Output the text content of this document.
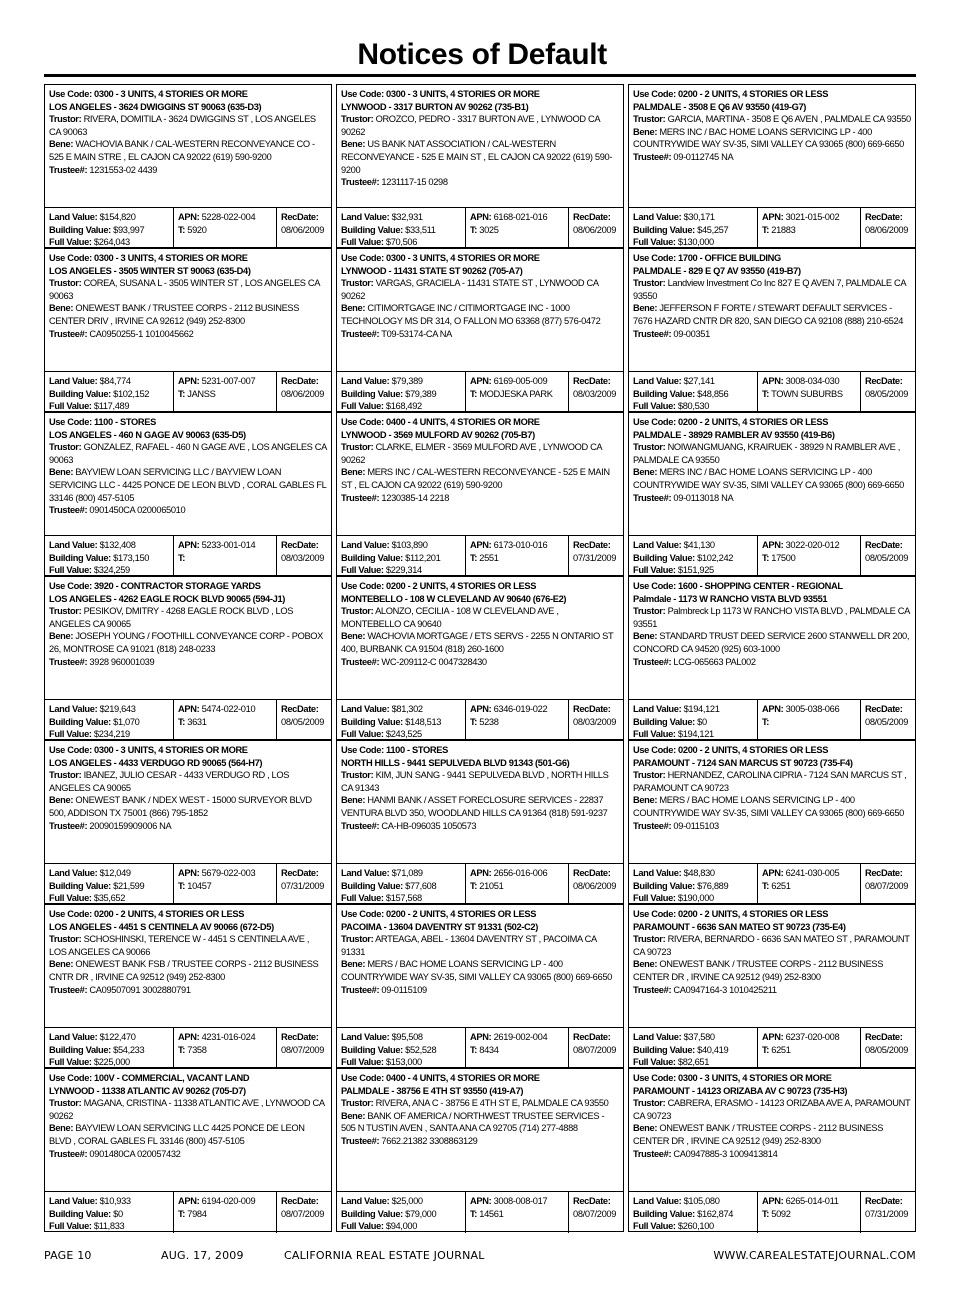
Notices of Default
Use Code: 0300 - 3 UNITS, 4 STORIES OR MORE
LOS ANGELES - 3624 DWIGGINS ST 90063 (635-D3)
Trustor: RIVERA, DOMITILA - 3624 DWIGGINS ST , LOS ANGELES CA 90063
Bene: WACHOVIA BANK / CAL-WESTERN RECONVEYANCE CO - 525 E MAIN STRE , EL CAJON CA 92022 (619) 590-9200
Trustee#: 1231553-02 4439
Land Value: $154,820
Building Value: $93,997
Full Value: $264,043
APN: 5228-022-004
T: 5920
RecDate:
08/06/2009
Use Code: 0300 - 3 UNITS, 4 STORIES OR MORE
LYNWOOD - 3317 BURTON AV 90262 (735-B1)
Trustor: OROZCO, PEDRO - 3317 BURTON AVE , LYNWOOD CA 90262
Bene: US BANK NAT ASSOCIATION / CAL-WESTERN RECONVEYANCE - 525 E MAIN ST , EL CAJON CA 92022 (619) 590-9200
Trustee#: 1231117-15 0298
Land Value: $32,931
Building Value: $33,511
Full Value: $70,506
APN: 6168-021-016
T: 3025
RecDate:
08/06/2009
Use Code: 0200 - 2 UNITS, 4 STORIES OR LESS
PALMDALE - 3508 E Q6 AV 93550 (419-G7)
Trustor: GARCIA, MARTINA - 3508 E Q6 AVEN , PALMDALE CA 93550
Bene: MERS INC / BAC HOME LOANS SERVICING LP - 400 COUNTRYWIDE WAY SV-35, SIMI VALLEY CA 93065 (800) 669-6650
Trustee#: 09-0112745 NA
Land Value: $30,171
Building Value: $45,257
Full Value: $130,000
APN: 3021-015-002
T: 21883
RecDate:
08/06/2009
Use Code: 0300 - 3 UNITS, 4 STORIES OR MORE
LOS ANGELES - 3505 WINTER ST 90063 (635-D4)
Trustor: COREA, SUSANA L - 3505 WINTER ST , LOS ANGELES CA 90063
Bene: ONEWEST BANK / TRUSTEE CORPS - 2112 BUSINESS CENTER DRIV , IRVINE CA 92612 (949) 252-8300
Trustee#: CA0950255-1 1010045662
Land Value: $84,774
Building Value: $102,152
Full Value: $117,489
APN: 5231-007-007
T: JANSS
RecDate:
08/06/2009
Use Code: 0300 - 3 UNITS, 4 STORIES OR MORE
LYNWOOD - 11431 STATE ST 90262 (705-A7)
Trustor: VARGAS, GRACIELA - 11431 STATE ST , LYNWOOD CA 90262
Bene: CITIMORTGAGE INC / CITIMORTGAGE INC - 1000 TECHNOLOGY MS DR 314, O FALLON MO 63368 (877) 576-0472
Trustee#: T09-53174-CA NA
Land Value: $79,389
Building Value: $79,389
Full Value: $168,492
APN: 6169-005-009
T: MODJESKA PARK
RecDate:
08/03/2009
Use Code: 1700 - OFFICE BUILDING
PALMDALE - 829 E Q7 AV 93550 (419-B7)
Trustor: Landview Investment Co Inc 827 E Q AVEN 7, PALMDALE CA 93550
Bene: JEFFERSON F FORTE / STEWART DEFAULT SERVICES - 7676 HAZARD CNTR DR 820, SAN DIEGO CA 92108 (888) 210-6524
Trustee#: 09-00351
Land Value: $27,141
Building Value: $48,856
Full Value: $80,530
APN: 3008-034-030
T: TOWN SUBURBS
RecDate:
08/05/2009
Use Code: 1100 - STORES
LOS ANGELES - 460 N GAGE AV 90063 (635-D5)
Trustor: GONZALEZ, RAFAEL - 460 N GAGE AVE , LOS ANGELES CA 90063
Bene: BAYVIEW LOAN SERVICING LLC / BAYVIEW LOAN SERVICING LLC - 4425 PONCE DE LEON BLVD , CORAL GABLES FL 33146 (800) 457-5105
Trustee#: 0901450CA 0200065010
Land Value: $132,408
Building Value: $173,150
Full Value: $324,259
APN: 5233-001-014
T:
RecDate:
08/03/2009
Use Code: 0400 - 4 UNITS, 4 STORIES OR MORE
LYNWOOD - 3569 MULFORD AV 90262 (705-B7)
Trustor: CLARKE, ELMER - 3569 MULFORD AVE , LYNWOOD CA 90262
Bene: MERS INC / CAL-WESTERN RECONVEYANCE - 525 E MAIN ST , EL CAJON CA 92022 (619) 590-9200
Trustee#: 1230385-14 2218
Land Value: $103,890
Building Value: $112,201
Full Value: $229,314
APN: 6173-010-016
T: 2551
RecDate:
07/31/2009
Use Code: 0200 - 2 UNITS, 4 STORIES OR LESS
PALMDALE - 38929 RAMBLER AV 93550 (419-B6)
Trustor: NOIWANGMUANG, KRAIRUEK - 38929 N RAMBLER AVE , PALMDALE CA 93550
Bene: MERS INC / BAC HOME LOANS SERVICING LP - 400 COUNTRYWIDE WAY SV-35, SIMI VALLEY CA 93065 (800) 669-6650
Trustee#: 09-0113018 NA
Land Value: $41,130
Building Value: $102,242
Full Value: $151,925
APN: 3022-020-012
T: 17500
RecDate:
08/05/2009
Use Code: 3920 - CONTRACTOR STORAGE YARDS
LOS ANGELES - 4262 EAGLE ROCK BLVD 90065 (594-J1)
Trustor: PESIKOV, DMITRY - 4268 EAGLE ROCK BLVD , LOS ANGELES CA 90065
Bene: JOSEPH YOUNG / FOOTHILL CONVEYANCE CORP - POBOX 26, MONTROSE CA 91021 (818) 248-0233
Trustee#: 3928 960001039
Land Value: $219,643
Building Value: $1,070
Full Value: $234,219
APN: 5474-022-010
T: 3631
RecDate:
08/05/2009
Use Code: 0200 - 2 UNITS, 4 STORIES OR LESS
MONTEBELLO - 108 W CLEVELAND AV 90640 (676-E2)
Trustor: ALONZO, CECILIA - 108 W CLEVELAND AVE , MONTEBELLO CA 90640
Bene: WACHOVIA MORTGAGE / ETS SERVS - 2255 N ONTARIO ST 400, BURBANK CA 91504 (818) 260-1600
Trustee#: WC-209112-C 0047328430
Land Value: $81,302
Building Value: $148,513
Full Value: $243,525
APN: 6346-019-022
T: 5238
RecDate:
08/03/2009
Use Code: 1600 - SHOPPING CENTER - REGIONAL
Palmdale - 1173 W RANCHO VISTA BLVD 93551
Trustor: Palmbreck Lp 1173 W RANCHO VISTA BLVD , PALMDALE CA 93551
Bene: STANDARD TRUST DEED SERVICE 2600 STANWELL DR 200, CONCORD CA 94520 (925) 603-1000
Trustee#: LCG-065663 PAL002
Land Value: $194,121
Building Value: $0
Full Value: $194,121
APN: 3005-038-066
T:
RecDate:
08/05/2009
Use Code: 0300 - 3 UNITS, 4 STORIES OR MORE
LOS ANGELES - 4433 VERDUGO RD 90065 (564-H7)
Trustor: IBANEZ, JULIO CESAR - 4433 VERDUGO RD , LOS ANGELES CA 90065
Bene: ONEWEST BANK / NDEX WEST - 15000 SURVEYOR BLVD 500, ADDISON TX 75001 (866) 795-1852
Trustee#: 20090159909006 NA
Land Value: $12,049
Building Value: $21,599
Full Value: $35,652
APN: 5679-022-003
T: 10457
RecDate:
07/31/2009
Use Code: 1100 - STORES
NORTH HILLS - 9441 SEPULVEDA BLVD 91343 (501-G6)
Trustor: KIM, JUN SANG - 9441 SEPULVEDA BLVD , NORTH HILLS CA 91343
Bene: HANMI BANK / ASSET FORECLOSURE SERVICES - 22837 VENTURA BLVD 350, WOODLAND HILLS CA 91364 (818) 591-9237
Trustee#: CA-HB-096035 1050573
Land Value: $71,089
Building Value: $77,608
Full Value: $157,568
APN: 2656-016-006
T: 21051
RecDate:
08/06/2009
Use Code: 0200 - 2 UNITS, 4 STORIES OR LESS
PARAMOUNT - 7124 SAN MARCUS ST 90723 (735-F4)
Trustor: HERNANDEZ, CAROLINA CIPRIA - 7124 SAN MARCUS ST , PARAMOUNT CA 90723
Bene: MERS / BAC HOME LOANS SERVICING LP - 400 COUNTRYWIDE WAY SV-35, SIMI VALLEY CA 93065 (800) 669-6650
Trustee#: 09-0115103
Land Value: $48,830
Building Value: $76,889
Full Value: $190,000
APN: 6241-030-005
T: 6251
RecDate:
08/07/2009
Use Code: 0200 - 2 UNITS, 4 STORIES OR LESS
LOS ANGELES - 4451 S CENTINELA AV 90066 (672-D5)
Trustor: SCHOSHINSKI, TERENCE W - 4451 S CENTINELA AVE , LOS ANGELES CA 90066
Bene: ONEWEST BANK FSB / TRUSTEE CORPS - 2112 BUSINESS CNTR DR , IRVINE CA 92512 (949) 252-8300
Trustee#: CA09507091 3002880791
Land Value: $122,470
Building Value: $54,233
Full Value: $225,000
APN: 4231-016-024
T: 7358
RecDate:
08/07/2009
Use Code: 0200 - 2 UNITS, 4 STORIES OR LESS
PACOIMA - 13604 DAVENTRY ST 91331 (502-C2)
Trustor: ARTEAGA, ABEL - 13604 DAVENTRY ST , PACOIMA CA 91331
Bene: MERS / BAC HOME LOANS SERVICING LP - 400 COUNTRYWIDE WAY SV-35, SIMI VALLEY CA 93065 (800) 669-6650
Trustee#: 09-0115109
Land Value: $95,508
Building Value: $52,528
Full Value: $153,000
APN: 2619-002-004
T: 8434
RecDate:
08/07/2009
Use Code: 0200 - 2 UNITS, 4 STORIES OR LESS
PARAMOUNT - 6636 SAN MATEO ST 90723 (735-E4)
Trustor: RIVERA, BERNARDO - 6636 SAN MATEO ST , PARAMOUNT CA 90723
Bene: ONEWEST BANK / TRUSTEE CORPS - 2112 BUSINESS CENTER DR , IRVINE CA 92512 (949) 252-8300
Trustee#: CA0947164-3 1010425211
Land Value: $37,580
Building Value: $40,419
Full Value: $82,651
APN: 6237-020-008
T: 6251
RecDate:
08/05/2009
Use Code: 100V - COMMERCIAL, VACANT LAND
LYNWOOD - 11338 ATLANTIC AV 90262 (705-D7)
Trustor: MAGANA, CRISTINA - 11338 ATLANTIC AVE , LYNWOOD CA 90262
Bene: BAYVIEW LOAN SERVICING LLC 4425 PONCE DE LEON BLVD , CORAL GABLES FL 33146 (800) 457-5105
Trustee#: 0901480CA 020057432
Land Value: $10,933
Building Value: $0
Full Value: $11,833
APN: 6194-020-009
T: 7984
RecDate:
08/07/2009
Use Code: 0400 - 4 UNITS, 4 STORIES OR MORE
PALMDALE - 38756 E 4TH ST 93550 (419-A7)
Trustor: RIVERA, ANA C - 38756 E 4TH ST E, PALMDALE CA 93550
Bene: BANK OF AMERICA / NORTHWEST TRUSTEE SERVICES - 505 N TUSTIN AVEN , SANTA ANA CA 92705 (714) 277-4888
Trustee#: 7662.21382 3308863129
Land Value: $25,000
Building Value: $79,000
Full Value: $94,000
APN: 3008-008-017
T: 14561
RecDate:
08/07/2009
Use Code: 0300 - 3 UNITS, 4 STORIES OR MORE
PARAMOUNT - 14123 ORIZABA AV C 90723 (735-H3)
Trustor: CABRERA, ERASMO - 14123 ORIZABA AVE A, PARAMOUNT CA 90723
Bene: ONEWEST BANK / TRUSTEE CORPS - 2112 BUSINESS CENTER DR , IRVINE CA 92512 (949) 252-8300
Trustee#: CA0947885-3 1009413814
Land Value: $105,080
Building Value: $162,874
Full Value: $260,100
APN: 6265-014-011
T: 5092
RecDate:
07/31/2009
PAGE 10	AUG. 17, 2009	CALIFORNIA REAL ESTATE JOURNAL	WWW.CAREALESTATEJOURNAL.COM
